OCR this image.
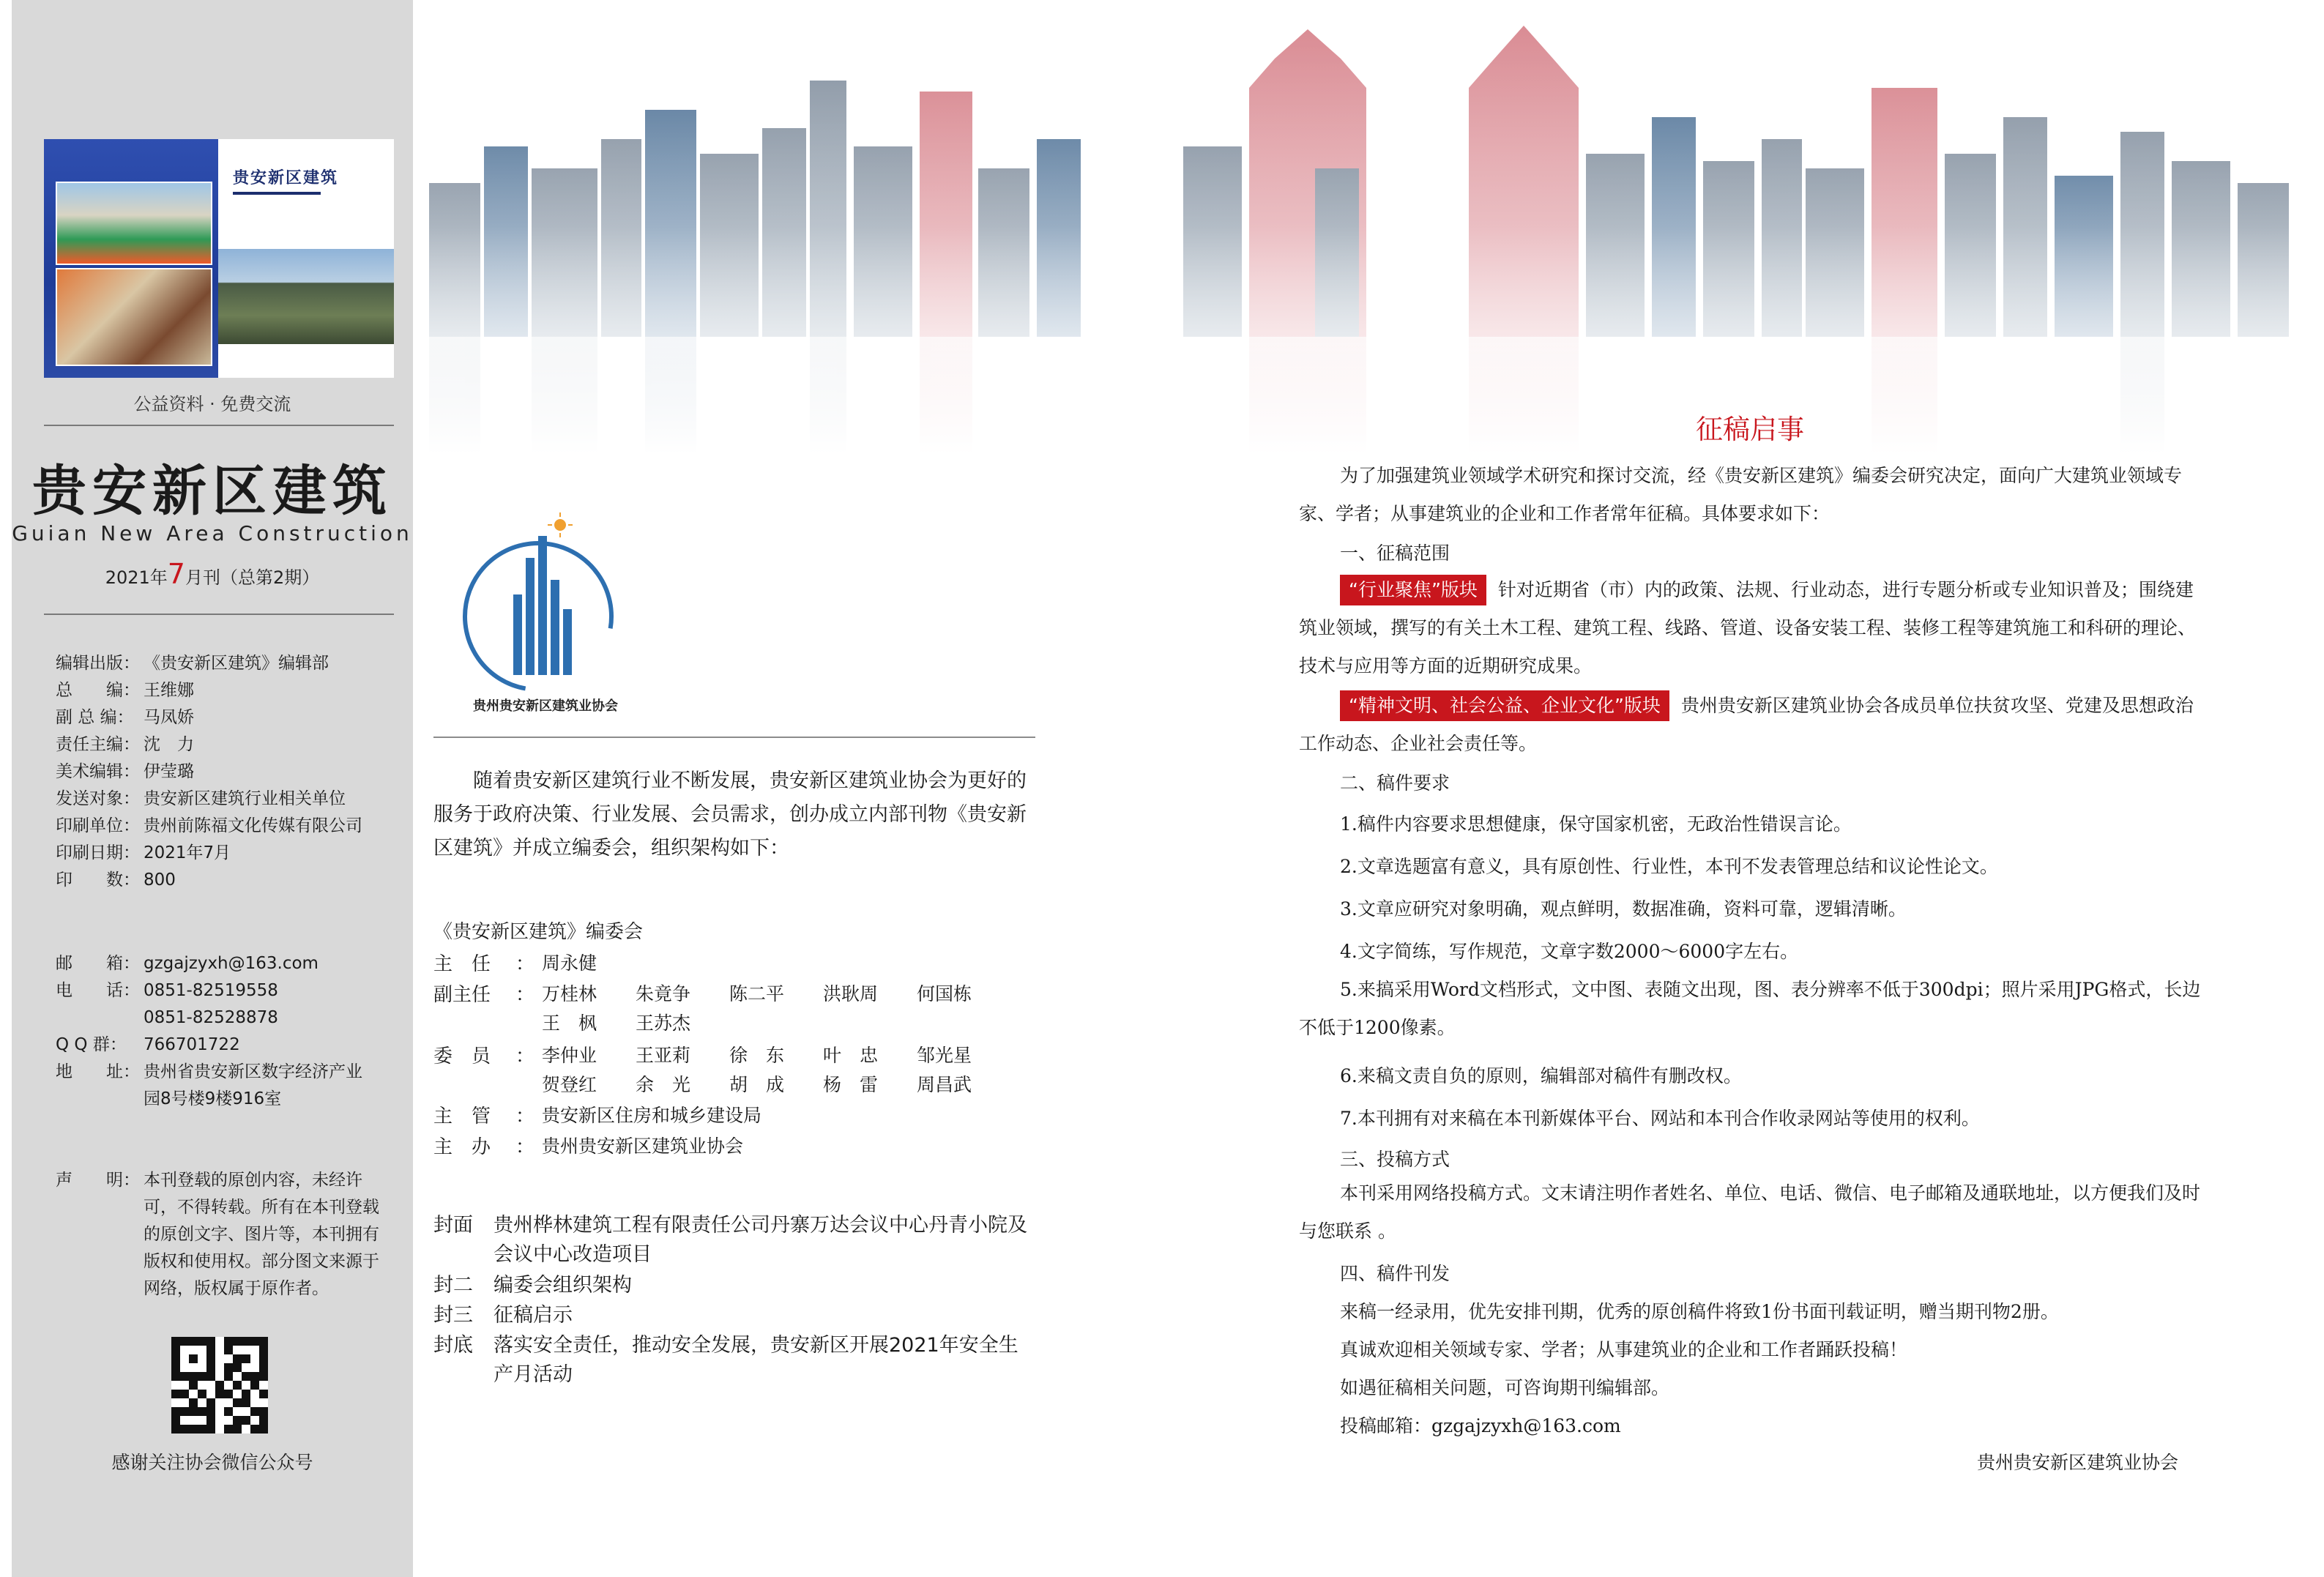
贵安新区建筑
公益资料 · 免费交流
贵安新区建筑
Guian New Area Construction
2021年7月刊（总第2期）
编辑出版： 《贵安新区建筑》编辑部
总　　编： 王维娜
副 总 编： 马凤娇
责任主编： 沈　力
美术编辑： 伊莹璐
发送对象： 贵安新区建筑行业相关单位
印刷单位： 贵州前陈福文化传媒有限公司
印刷日期： 2021年7月
印　　数： 800
邮　　箱： gzgajzyxh@163.com
电　　话： 0851-82519558
0851-82528878
Q Q 群：	766701722
地　　址： 贵州省贵安新区数字经济产业
园8号楼9楼916室
声　　明： 本刊登载的原创内容，未经许可，不得转载。所有在本刊登载的原创文字、图片等，本刊拥有版权和使用权。部分图文来源于网络，版权属于原作者。
感谢关注协会微信公众号
贵州贵安新区建筑业协会
随着贵安新区建筑行业不断发展，贵安新区建筑业协会为更好的服务于政府决策、行业发展、会员需求，创办成立内部刊物《贵安新区建筑》并成立编委会，组织架构如下：
《贵安新区建筑》编委会
主　任	： 周永健
副主任	： 万桂林	朱竟争	陈二平	洪耿周	何国栋
王　枫	王苏杰
委　员	： 李仲业	王亚莉	徐　东	叶　忠	邹光星
贺登红	余　光	胡　成	杨　雷	周昌武
主　管	： 贵安新区住房和城乡建设局
主　办	： 贵州贵安新区建筑业协会
封面	贵州桦林建筑工程有限责任公司丹寨万达会议中心丹青小院及会议中心改造项目
封二	编委会组织架构
封三	征稿启示
封底	落实安全责任，推动安全发展，贵安新区开展2021年安全生产月活动
征稿启事
为了加强建筑业领域学术研究和探讨交流，经《贵安新区建筑》编委会研究决定，面向广大建筑业领域专家、学者；从事建筑业的企业和工作者常年征稿。具体要求如下：
一、征稿范围
“行业聚焦”版块 针对近期省（市）内的政策、法规、行业动态，进行专题分析或专业知识普及；围绕建筑业领域，撰写的有关土木工程、建筑工程、线路、管道、设备安装工程、装修工程等建筑施工和科研的理论、技术与应用等方面的近期研究成果。
“精神文明、社会公益、企业文化”版块 贵州贵安新区建筑业协会各成员单位扶贫攻坚、党建及思想政治工作动态、企业社会责任等。
二、稿件要求
1.稿件内容要求思想健康，保守国家机密，无政治性错误言论。
2.文章选题富有意义，具有原创性、行业性，本刊不发表管理总结和议论性论文。
3.文章应研究对象明确，观点鲜明，数据准确，资料可靠，逻辑清晰。
4.文字简练，写作规范，文章字数2000～6000字左右。
5.来搞采用Word文档形式，文中图、表随文出现，图、表分辨率不低于300dpi；照片采用JPG格式，长边不低于1200像素。
6.来稿文责自负的原则，编辑部对稿件有删改权。
7.本刊拥有对来稿在本刊新媒体平台、网站和本刊合作收录网站等使用的权利。
三、投稿方式
本刊采用网络投稿方式。文末请注明作者姓名、单位、电话、微信、电子邮箱及通联地址，以方便我们及时与您联系 。
四、稿件刊发
来稿一经录用，优先安排刊期，优秀的原创稿件将致1份书面刊载证明，赠当期刊物2册。
真诚欢迎相关领域专家、学者；从事建筑业的企业和工作者踊跃投稿！
如遇征稿相关问题，可咨询期刊编辑部。
投稿邮箱：gzgajzyxh@163.com
贵州贵安新区建筑业协会
